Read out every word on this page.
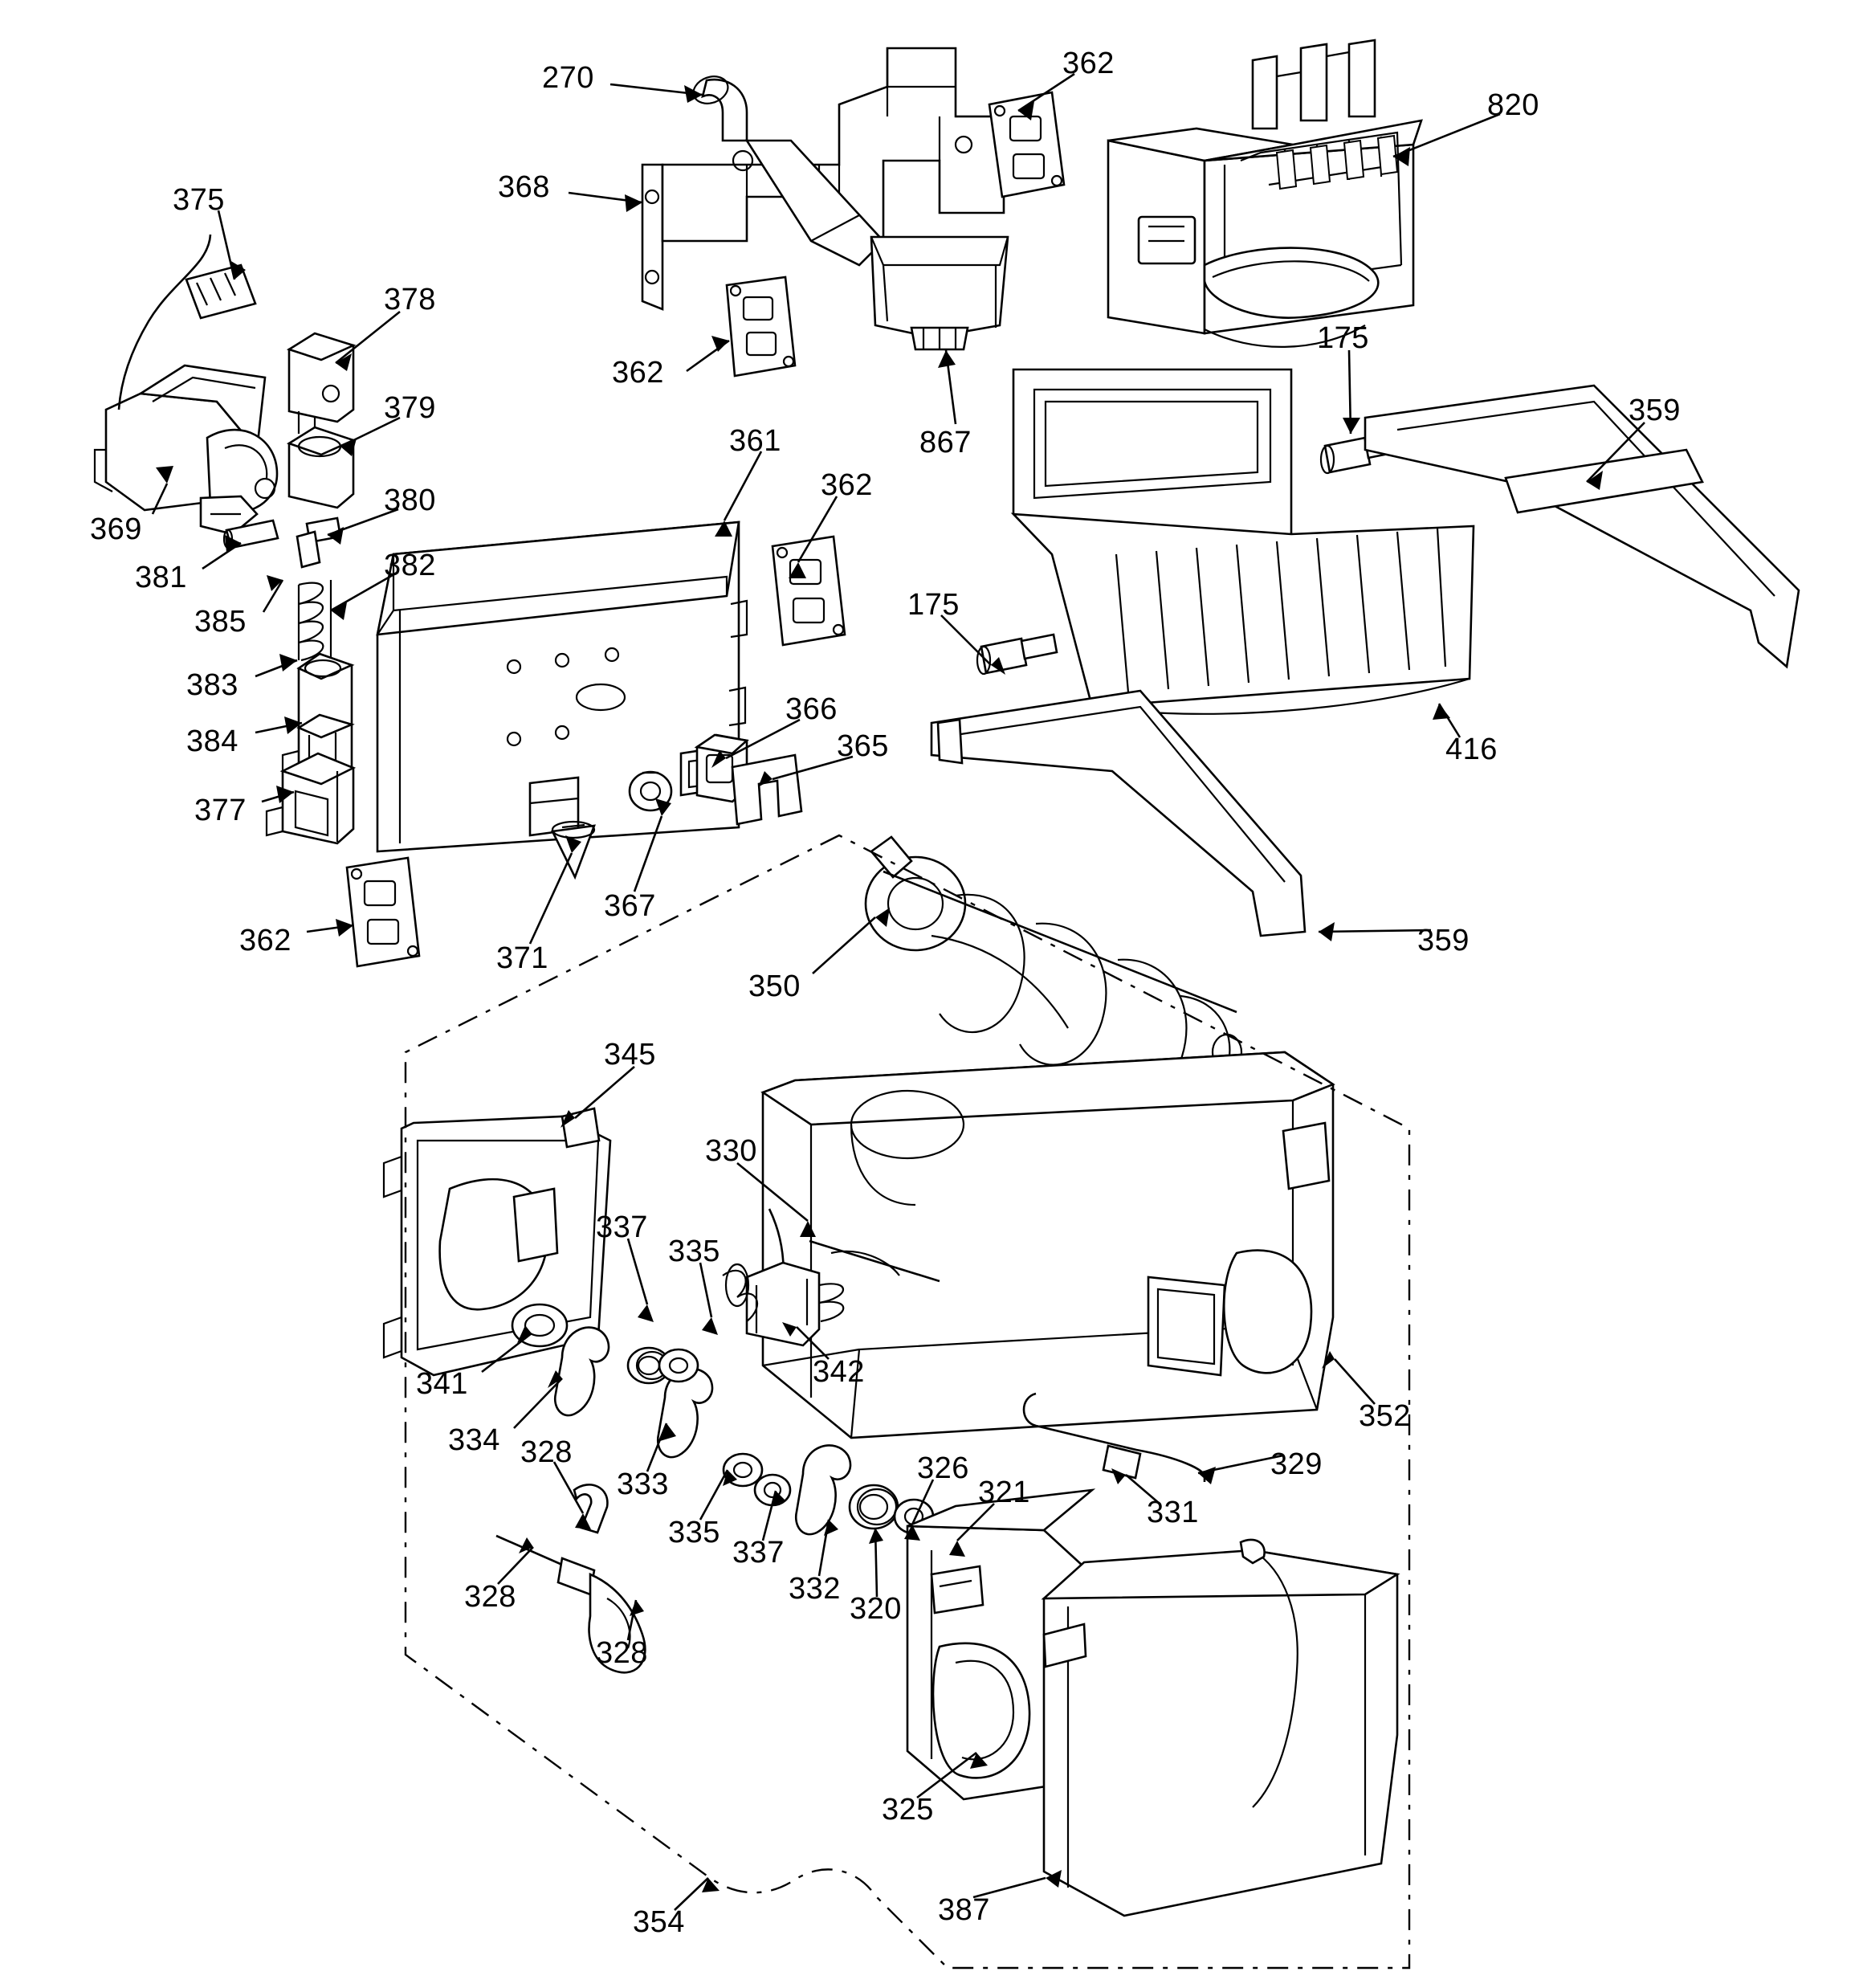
270	362
820
368
375
378
362
379
867
175
359
369
380
361
362
381	382
385	175
383
384
366
365
377
416
367
362
371
359
350
345
330
337
335
341	342
352
334
333
328	326	329
321
335
331
337
332
328	320
328
325
354	387
